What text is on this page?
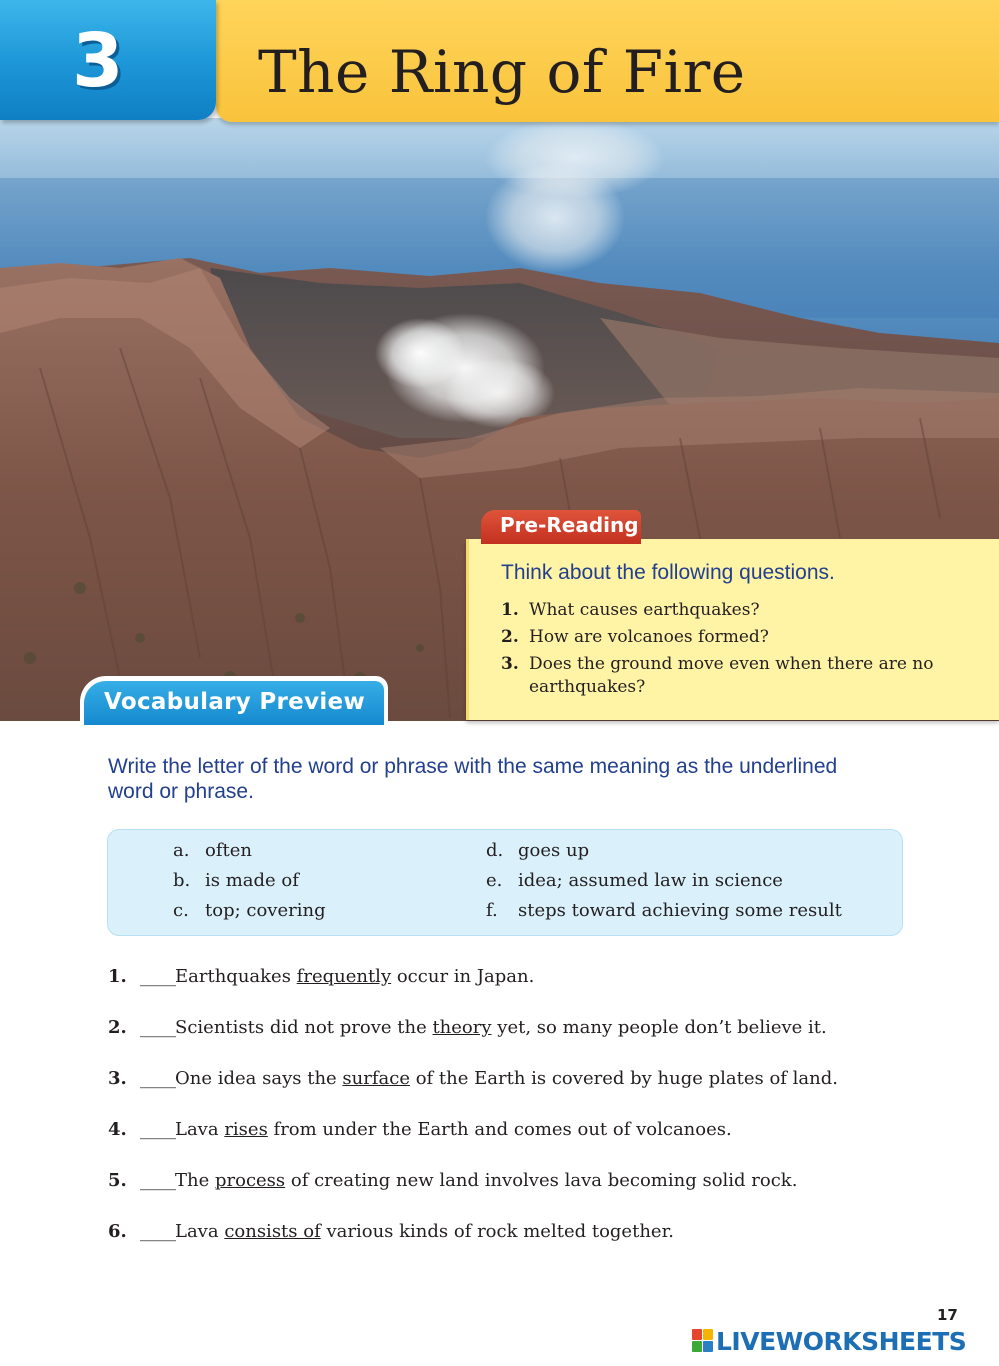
3 The Ring of Fire
Pre-Reading
Think about the following questions.
1. What causes earthquakes?
2. How are volcanoes formed?
3. Does the ground move even when there are no earthquakes?
Vocabulary Preview

Write the letter of the word or phrase with the same meaning as the underlined word or phrase.

a. often
b. is made of
c. top; covering
d. goes up
e. idea; assumed law in science
f. steps toward achieving some result
1. ____ Earthquakes frequently occur in Japan.
2. ____ Scientists did not prove the theory yet, so many people don’t believe it.
3. ____ One idea says the surface of the Earth is covered by huge plates of land.
4. ____ Lava rises from under the Earth and comes out of volcanoes.
5. ____ The process of creating new land involves lava becoming solid rock.
6. ____ Lava consists of various kinds of rock melted together.
17
LIVEWORKSHEETS
